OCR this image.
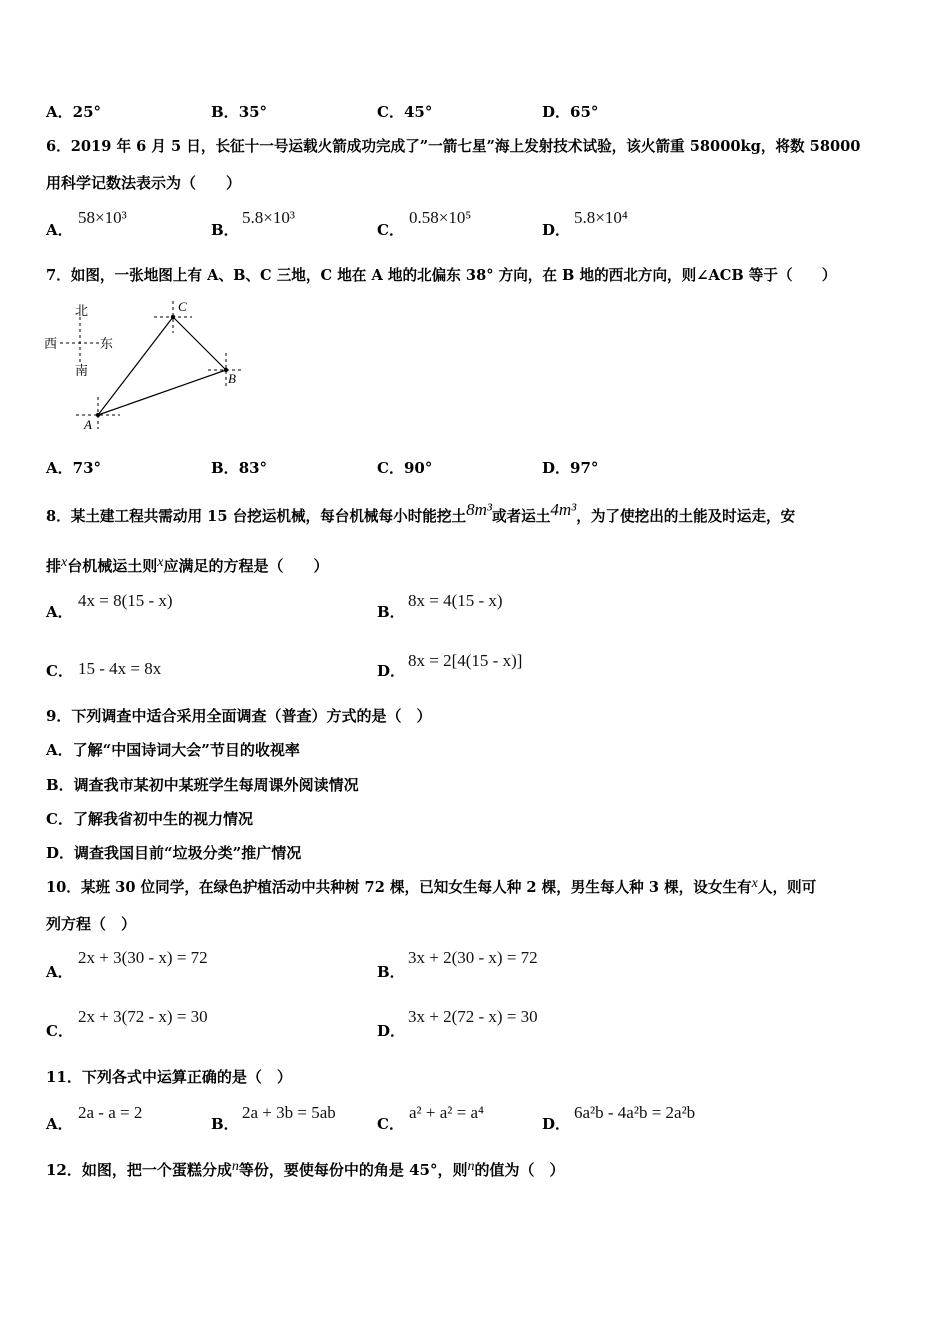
A．25°	B．35°	C．45°	D．65°
6．2019 年 6 月 5 日，长征十一号运载火箭成功完成了”一箭七星”海上发射技术试验，该火箭重 58000kg，将数 58000
用科学记数法表示为（　　）
A．
58×10³
B．
5.8×10³
C．
0.58×10⁵
D．
5.8×10⁴
7．如图，一张地图上有 A、B、C 三地，C 地在 A 地的北偏东 38° 方向，在 B 地的西北方向，则∠ACB 等于（　　）
北
南
西	东
A
B
C
A．73°	B．83°	C．90°	D．97°
8．某土建工程共需动用 15 台挖运机械，每台机械每小时能挖土8m³或者运土4m³，为了使挖出的土能及时运走，安
排x台机械运土则x应满足的方程是（　　）
A．
4x = 8(15 - x)
B．
8x = 4(15 - x)
C． 15 - 4x = 8x	D．
8x = 2[4(15 - x)]
9．下列调查中适合采用全面调查（普查）方式的是（　）
A．了解“中国诗词大会”节目的收视率
B．调查我市某初中某班学生每周课外阅读情况
C．了解我省初中生的视力情况
D．调查我国目前“垃圾分类”推广情况
10．某班 30 位同学，在绿色护植活动中共种树 72 棵，已知女生每人种 2 棵，男生每人种 3 棵，设女生有x人，则可
列方程（　）
A．
2x + 3(30 - x) = 72
B．
3x + 2(30 - x) = 72
C．
2x + 3(72 - x) = 30
D．
3x + 2(72 - x) = 30
11．下列各式中运算正确的是（　）
A．
2a - a = 2
B．
2a + 3b = 5ab
C．
a² + a² = a⁴
D．
6a²b - 4a²b = 2a²b
12．如图，把一个蛋糕分成n等份，要使每份中的角是 45°，则n的值为（　）
